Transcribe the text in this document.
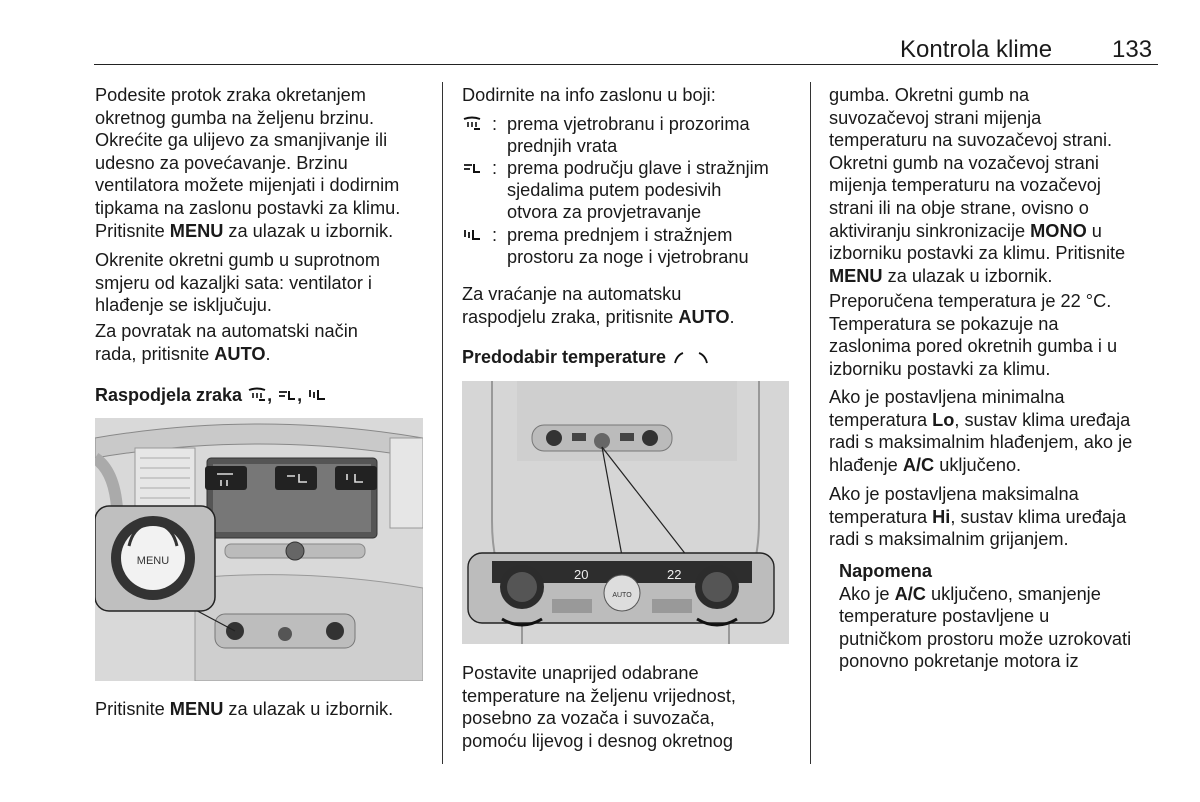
Kontrola klime 133

Podesite protok zraka okretanjem

okretnog gumba na željenu brzinu.

Okrećite ga ulijevo za smanjivanje ili

udesno za povećavanje. Brzinu

ventilatora možete mijenjati i dodirnim

tipkama na zaslonu postavki za klimu.

Pritisnite MENU za ulazak u izbornik.

Okrenite okretni gumb u suprotnom

smjeru od kazaljki sata: ventilator i

hlađenje se isključuju.

Za povratak na automatski način

rada, pritisnite AUTO.

Raspodjela zraka , ,
MENU

Pritisnite MENU za ulazak u izbornik.

Dodirnite na info zaslonu u boji:

: prema vjetrobranu i prozorima
prednjih vrata
: prema području glave i stražnjim
sjedalima putem podesivih
otvora za provjetravanje
: prema prednjem i stražnjem
prostoru za noge i vjetrobranu

Za vraćanje na automatsku

raspodjelu zraka, pritisnite AUTO.

Predodabir temperature
20	22
AUTO

Postavite unaprijed odabrane

temperature na željenu vrijednost,

posebno za vozača i suvozača,

pomoću lijevog i desnog okretnog

gumba. Okretni gumb na

suvozačevoj strani mijenja

temperaturu na suvozačevoj strani.

Okretni gumb na vozačevoj strani

mijenja temperaturu na vozačevoj

strani ili na obje strane, ovisno o

aktiviranju sinkronizacije MONO u

izborniku postavki za klimu. Pritisnite

MENU za ulazak u izbornik.

Preporučena temperatura je 22 °C.

Temperatura se pokazuje na

zaslonima pored okretnih gumba i u

izborniku postavki za klimu.

Ako je postavljena minimalna

temperatura Lo, sustav klima uređaja

radi s maksimalnim hlađenjem, ako je

hlađenje A/C uključeno.

Ako je postavljena maksimalna

temperatura Hi, sustav klima uređaja

radi s maksimalnim grijanjem.

Napomena

Ako je A/C uključeno, smanjenje

temperature postavljene u

putničkom prostoru može uzrokovati

ponovno pokretanje motora iz
